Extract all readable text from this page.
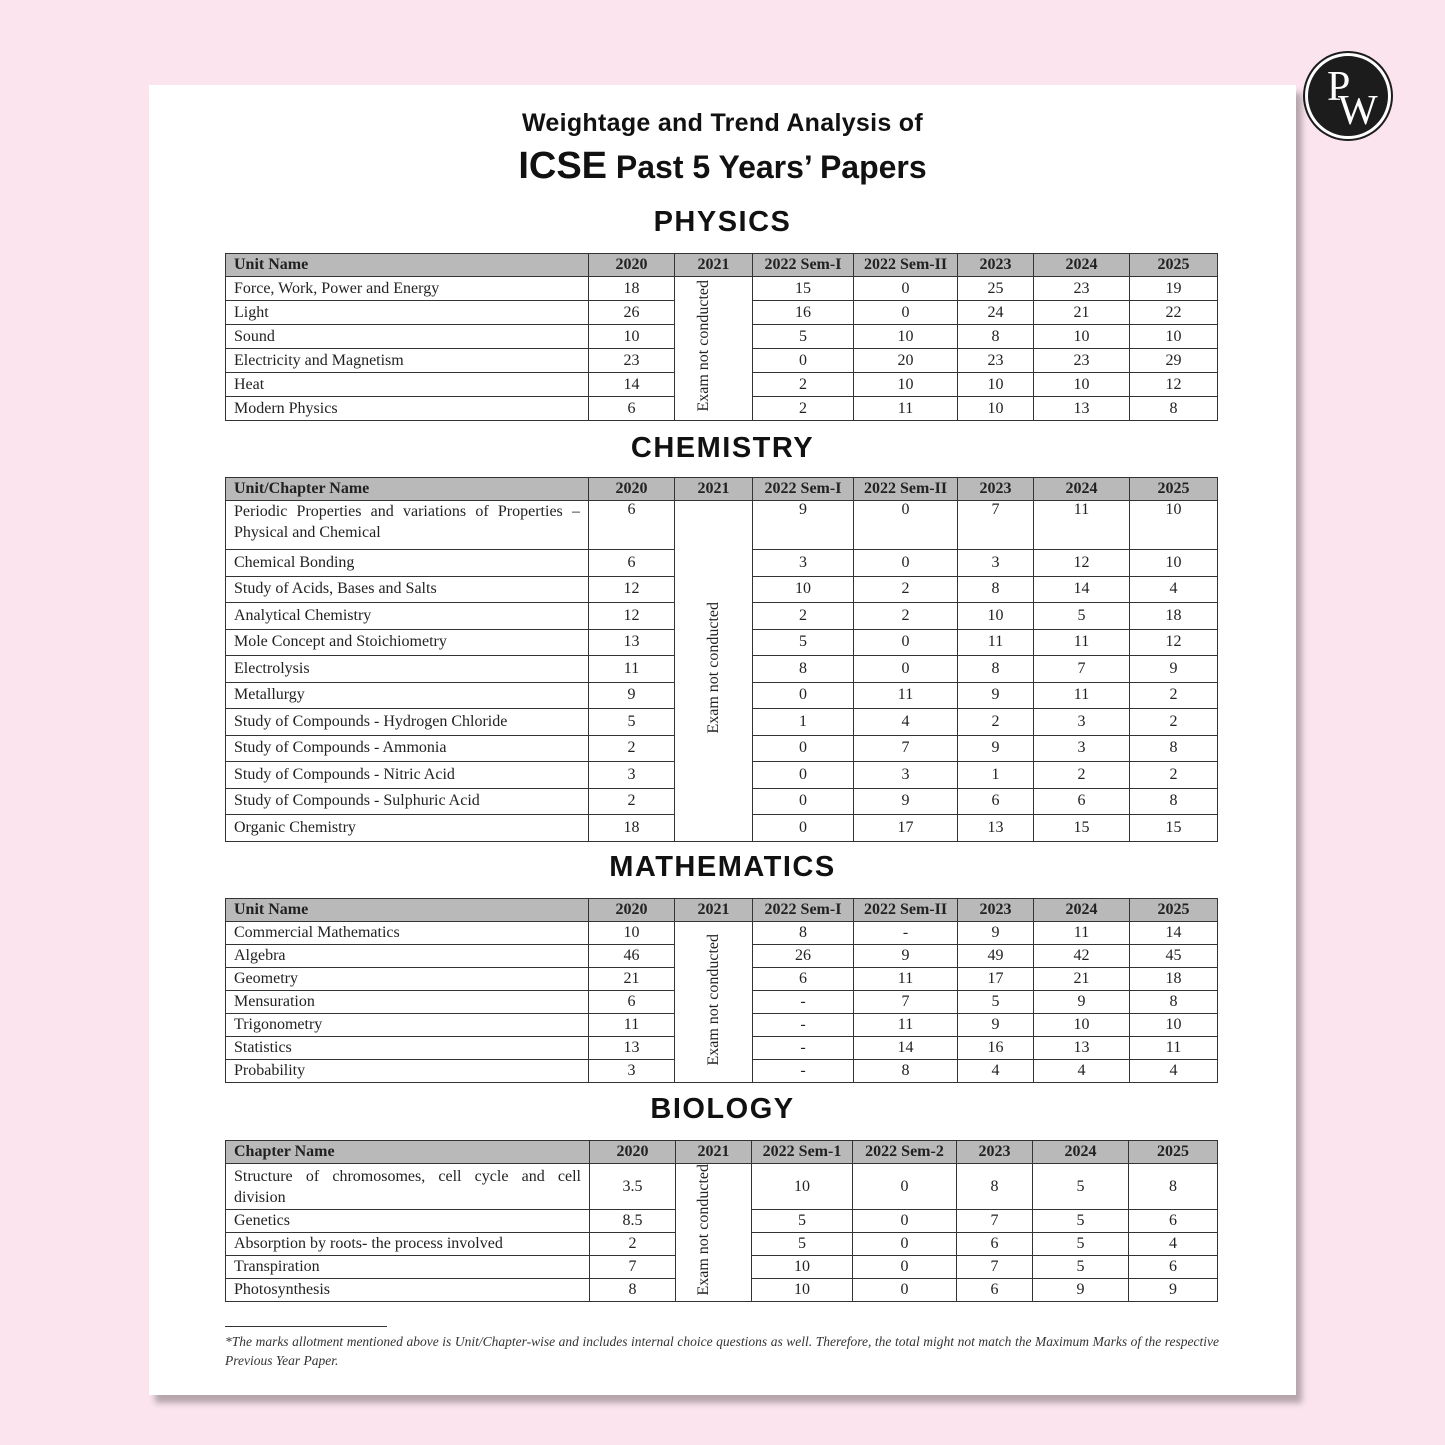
P
W
Weightage and Trend Analysis of
ICSE Past 5 Years’ Papers
PHYSICS
Unit Name	2020	2021	2022 Sem-I	2022 Sem-II	2023	2024	2025
Force, Work, Power and Energy	18	Exam not conducted	15	0	25	23	19
Light	26		16	0	24	21	22
Sound	10		5	10	8	10	10
Electricity and Magnetism	23		0	20	23	23	29
Heat	14		2	10	10	10	12
Modern Physics	6		2	11	10	13	8
CHEMISTRY
Unit/Chapter Name	2020	2021	2022 Sem-I	2022 Sem-II	2023	2024	2025
Periodic Properties and variations of Properties – Physical and Chemical	6	Exam not conducted	9	0	7	11	10
Chemical Bonding	6		3	0	3	12	10
Study of Acids, Bases and Salts	12		10	2	8	14	4
Analytical Chemistry	12		2	2	10	5	18
Mole Concept and Stoichiometry	13		5	0	11	11	12
Electrolysis	11		8	0	8	7	9
Metallurgy	9		0	11	9	11	2
Study of Compounds - Hydrogen Chloride	5		1	4	2	3	2
Study of Compounds - Ammonia	2		0	7	9	3	8
Study of Compounds - Nitric Acid	3		0	3	1	2	2
Study of Compounds - Sulphuric Acid	2		0	9	6	6	8
Organic Chemistry	18		0	17	13	15	15
MATHEMATICS
Unit Name	2020	2021	2022 Sem-I	2022 Sem-II	2023	2024	2025
Commercial Mathematics	10	Exam not conducted	8	-	9	11	14
Algebra	46		26	9	49	42	45
Geometry	21		6	11	17	21	18
Mensuration	6		-	7	5	9	8
Trigonometry	11		-	11	9	10	10
Statistics	13		-	14	16	13	11
Probability	3		-	8	4	4	4
BIOLOGY
Chapter Name	2020	2021	2022 Sem-1	2022 Sem-2	2023	2024	2025
Structure of chromosomes, cell cycle and cell division	3.5	Exam not conducted	10	0	8	5	8
Genetics	8.5		5	0	7	5	6
Absorption by roots- the process involved	2		5	0	6	5	4
Transpiration	7		10	0	7	5	6
Photosynthesis	8		10	0	6	9	9
*The marks allotment mentioned above is Unit/Chapter-wise and includes internal choice questions as well. Therefore, the total might not match the Maximum Marks of the respective Previous Year Paper.
